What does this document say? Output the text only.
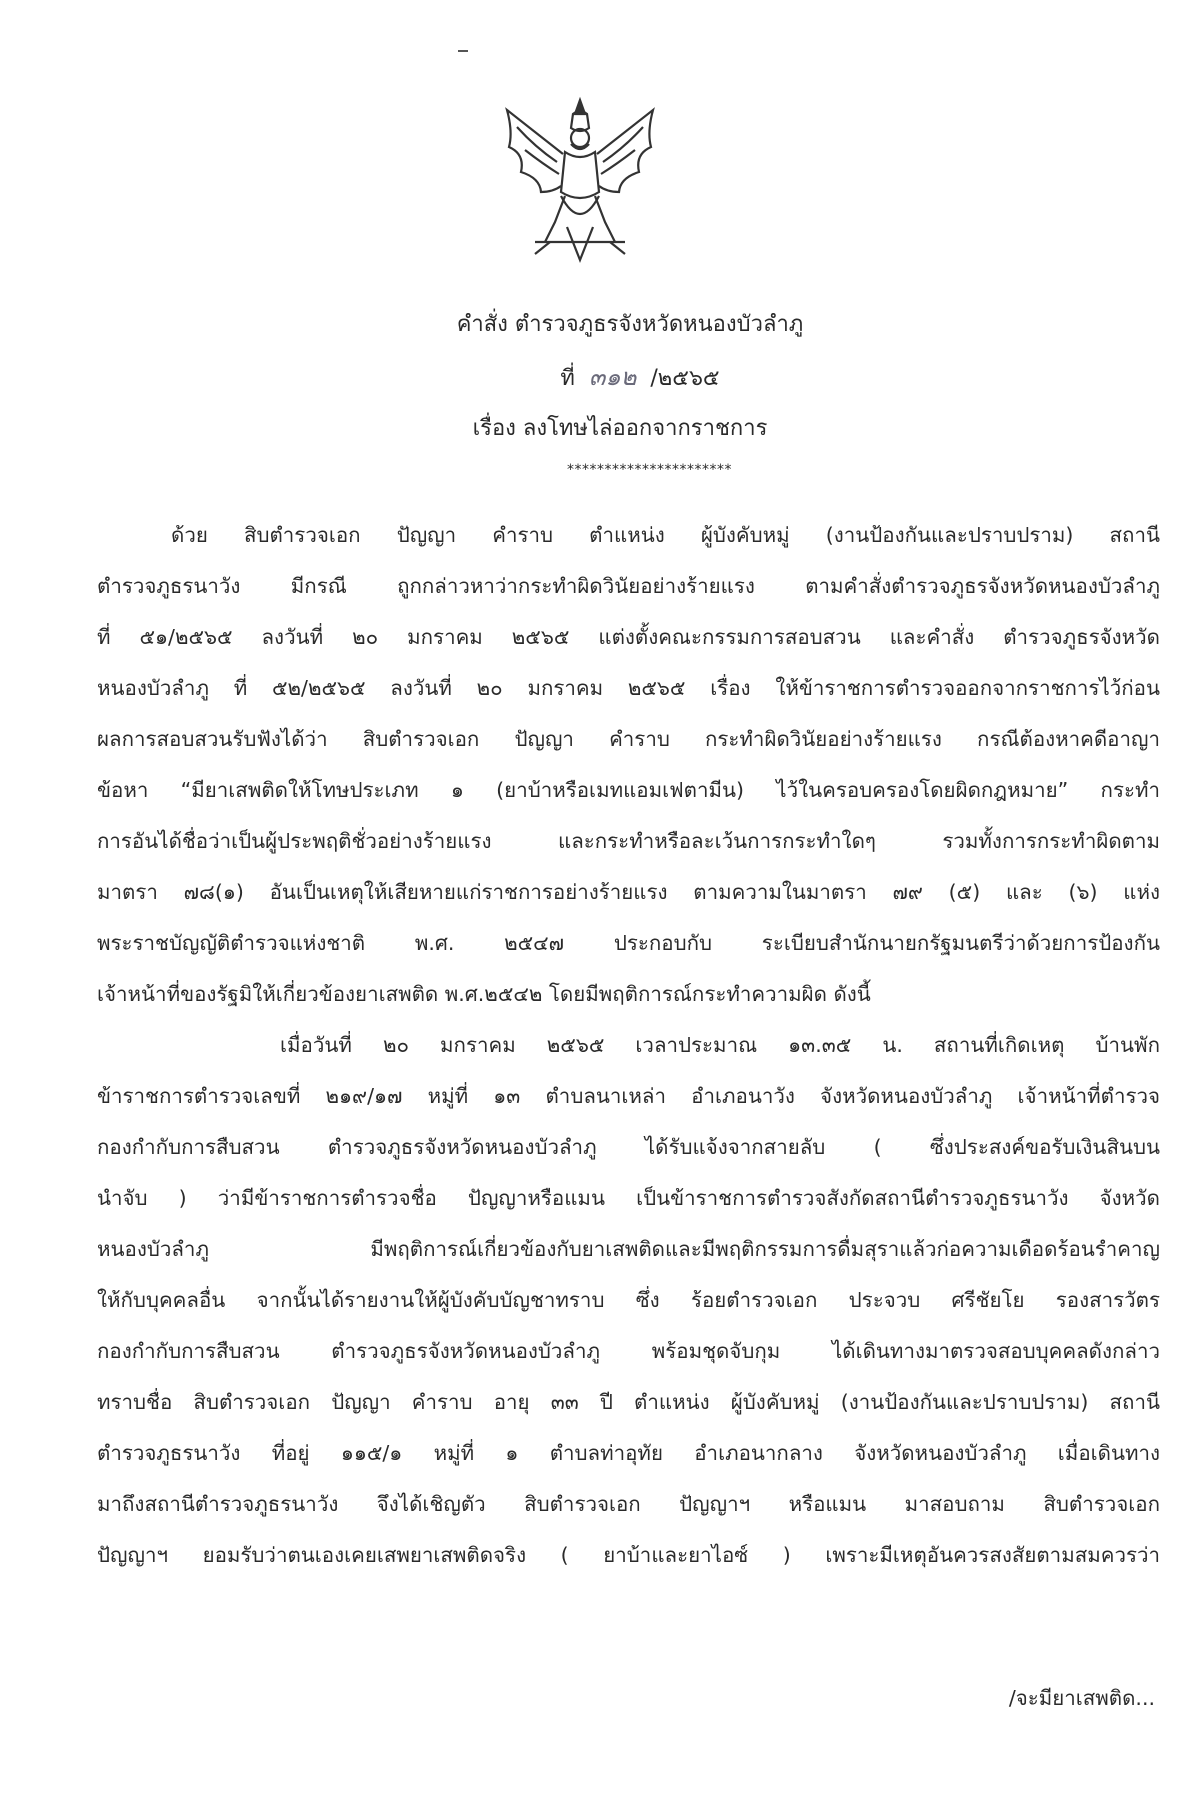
คำสั่ง ตำรวจภูธรจังหวัดหนองบัวลำภู
ที่ ๓๑๒ /๒๕๖๕
เรื่อง ลงโทษไล่ออกจากราชการ
**********************
ด้วย สิบตำรวจเอก ปัญญา คำราบ ตำแหน่ง ผู้บังคับหมู่ (งานป้องกันและปราบปราม) สถานี
ตำรวจภูธรนาวัง มีกรณี ถูกกล่าวหาว่ากระทำผิดวินัยอย่างร้ายแรง ตามคำสั่งตำรวจภูธรจังหวัดหนองบัวลำภู
ที่ ๕๑/๒๕๖๕ ลงวันที่ ๒๐ มกราคม ๒๕๖๕ แต่งตั้งคณะกรรมการสอบสวน และคำสั่ง ตำรวจภูธรจังหวัด
หนองบัวลำภู ที่ ๕๒/๒๕๖๕ ลงวันที่ ๒๐ มกราคม ๒๕๖๕ เรื่อง ให้ข้าราชการตำรวจออกจากราชการไว้ก่อน
ผลการสอบสวนรับฟังได้ว่า สิบตำรวจเอก ปัญญา คำราบ กระทำผิดวินัยอย่างร้ายแรง กรณีต้องหาคดีอาญา
ข้อหา “มียาเสพติดให้โทษประเภท ๑ (ยาบ้าหรือเมทแอมเฟตามีน) ไว้ในครอบครองโดยผิดกฎหมาย” กระทำ
การอันได้ชื่อว่าเป็นผู้ประพฤติชั่วอย่างร้ายแรง และกระทำหรือละเว้นการกระทำใดๆ รวมทั้งการกระทำผิดตาม
มาตรา ๗๘(๑) อันเป็นเหตุให้เสียหายแก่ราชการอย่างร้ายแรง ตามความในมาตรา ๗๙ (๕) และ (๖) แห่ง
พระราชบัญญัติตำรวจแห่งชาติ พ.ศ. ๒๕๔๗ ประกอบกับ ระเบียบสำนักนายกรัฐมนตรีว่าด้วยการป้องกัน
เจ้าหน้าที่ของรัฐมิให้เกี่ยวข้องยาเสพติด พ.ศ.๒๕๔๒ โดยมีพฤติการณ์กระทำความผิด ดังนี้
เมื่อวันที่ ๒๐ มกราคม ๒๕๖๕ เวลาประมาณ ๑๓.๓๕ น. สถานที่เกิดเหตุ บ้านพัก
ข้าราชการตำรวจเลขที่ ๒๑๙/๑๗ หมู่ที่ ๑๓ ตำบลนาเหล่า อำเภอนาวัง จังหวัดหนองบัวลำภู เจ้าหน้าที่ตำรวจ
กองกำกับการสืบสวน ตำรวจภูธรจังหวัดหนองบัวลำภู ได้รับแจ้งจากสายลับ ( ซึ่งประสงค์ขอรับเงินสินบน
นำจับ ) ว่ามีข้าราชการตำรวจชื่อ ปัญญาหรือแมน เป็นข้าราชการตำรวจสังกัดสถานีตำรวจภูธรนาวัง จังหวัด
หนองบัวลำภู มีพฤติการณ์เกี่ยวข้องกับยาเสพติดและมีพฤติกรรมการดื่มสุราแล้วก่อความเดือดร้อนรำคาญ
ให้กับบุคคลอื่น จากนั้นได้รายงานให้ผู้บังคับบัญชาทราบ ซึ่ง ร้อยตำรวจเอก ประจวบ ศรีชัยโย รองสารวัตร
กองกำกับการสืบสวน ตำรวจภูธรจังหวัดหนองบัวลำภู พร้อมชุดจับกุม ได้เดินทางมาตรวจสอบบุคคลดังกล่าว
ทราบชื่อ สิบตำรวจเอก ปัญญา คำราบ อายุ ๓๓ ปี ตำแหน่ง ผู้บังคับหมู่ (งานป้องกันและปราบปราม) สถานี
ตำรวจภูธรนาวัง ที่อยู่ ๑๑๕/๑ หมู่ที่ ๑ ตำบลท่าอุทัย อำเภอนากลาง จังหวัดหนองบัวลำภู เมื่อเดินทาง
มาถึงสถานีตำรวจภูธรนาวัง จึงได้เชิญตัว สิบตำรวจเอก ปัญญาฯ หรือแมน มาสอบถาม สิบตำรวจเอก
ปัญญาฯ ยอมรับว่าตนเองเคยเสพยาเสพติดจริง ( ยาบ้าและยาไอซ์ ) เพราะมีเหตุอันควรสงสัยตามสมควรว่า
/จะมียาเสพติด...
